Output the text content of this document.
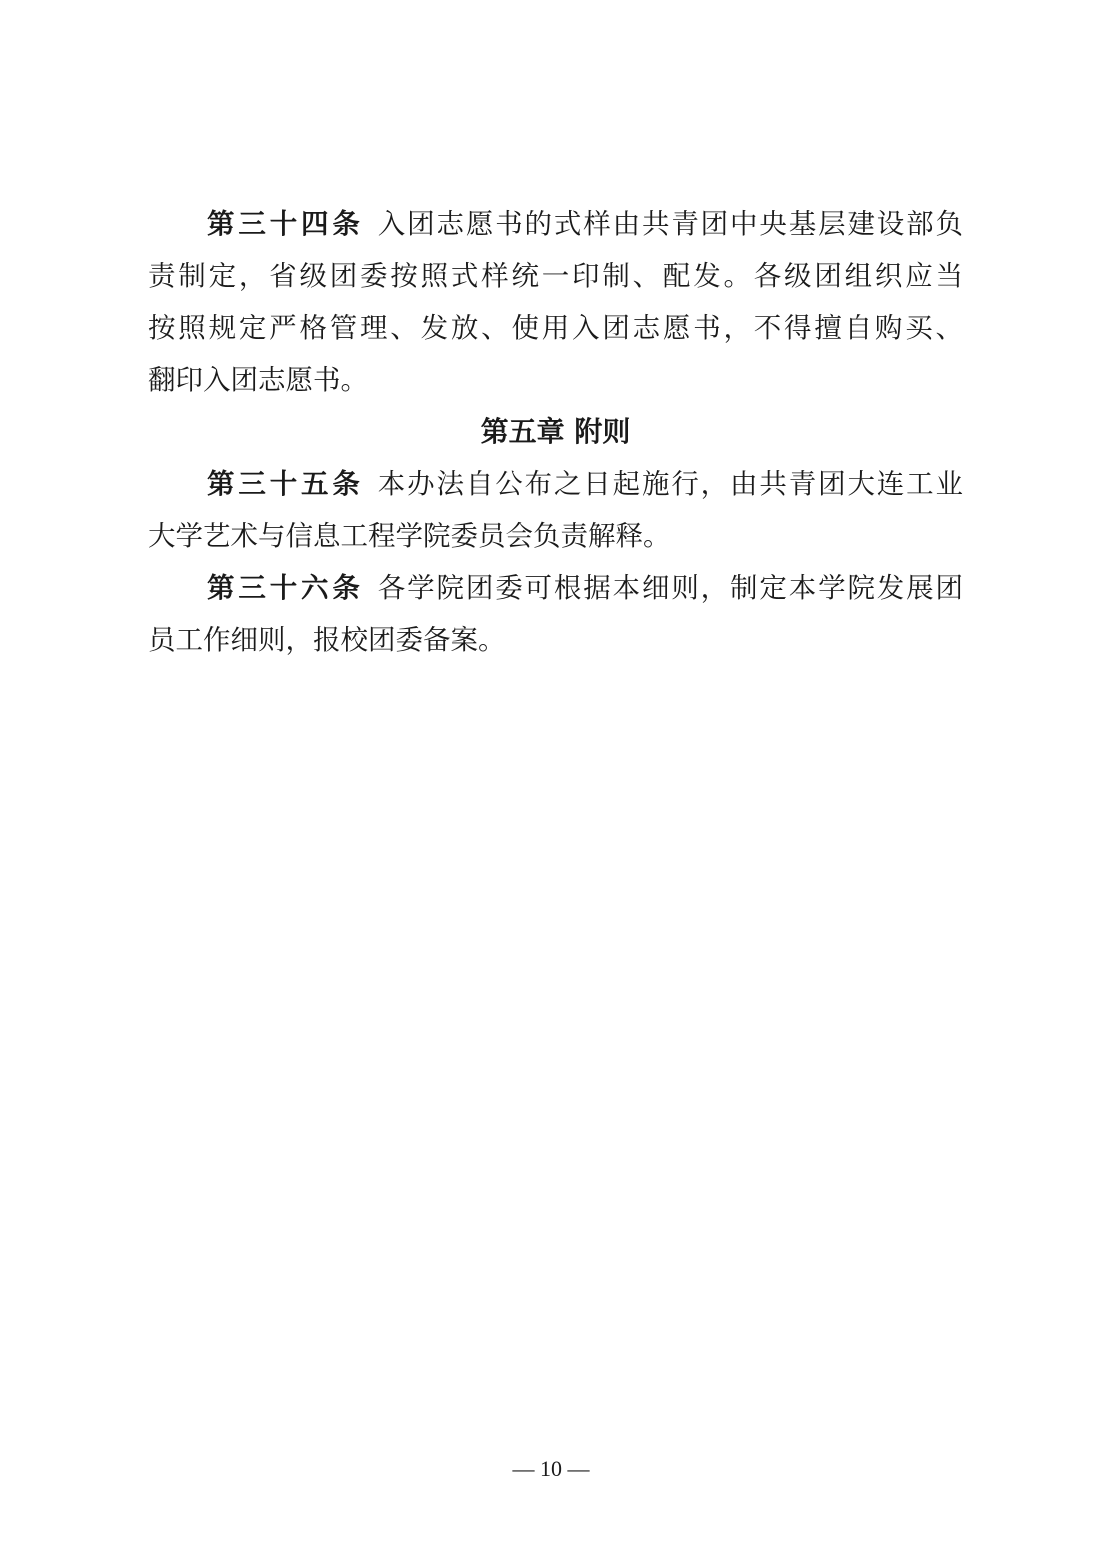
第三十四条 入团志愿书的式样由共青团中央基层建设部负
责制定，省级团委按照式样统一印制、配发。各级团组织应当
按照规定严格管理、发放、使用入团志愿书，不得擅自购买、
翻印入团志愿书。
第五章 附则
第三十五条 本办法自公布之日起施行，由共青团大连工业
大学艺术与信息工程学院委员会负责解释。
第三十六条 各学院团委可根据本细则，制定本学院发展团
员工作细则，报校团委备案。
— 10 —
